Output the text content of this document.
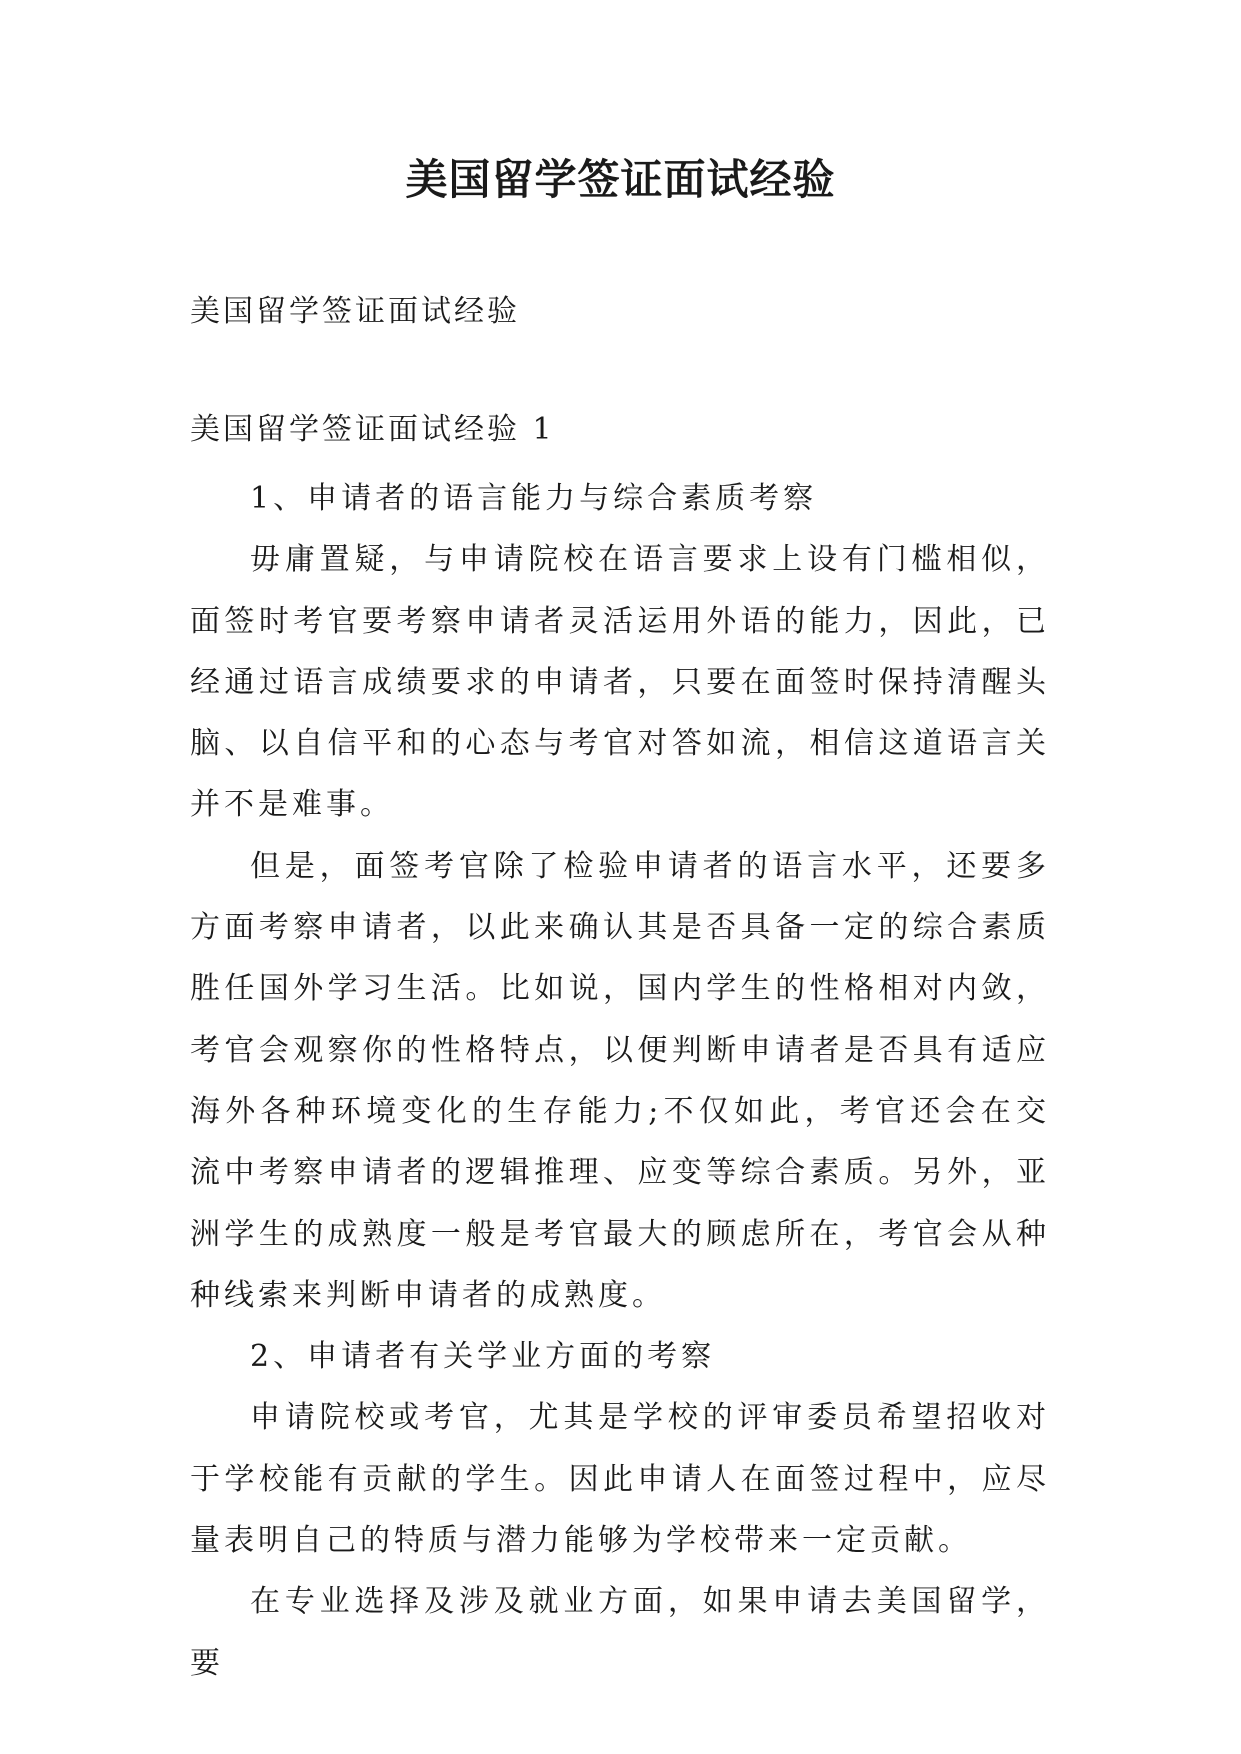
美国留学签证面试经验
美国留学签证面试经验
美国留学签证面试经验 1

1、申请者的语言能力与综合素质考察

毋庸置疑，与申请院校在语言要求上设有门槛相似，面签时考官要考察申请者灵活运用外语的能力，因此，已经通过语言成绩要求的申请者，只要在面签时保持清醒头脑、以自信平和的心态与考官对答如流，相信这道语言关并不是难事。

但是，面签考官除了检验申请者的语言水平，还要多方面考察申请者，以此来确认其是否具备一定的综合素质胜任国外学习生活。比如说，国内学生的性格相对内敛，考官会观察你的性格特点，以便判断申请者是否具有适应海外各种环境变化的生存能力;不仅如此，考官还会在交流中考察申请者的逻辑推理、应变等综合素质。另外，亚洲学生的成熟度一般是考官最大的顾虑所在，考官会从种种线索来判断申请者的成熟度。

2、申请者有关学业方面的考察

申请院校或考官，尤其是学校的评审委员希望招收对于学校能有贡献的学生。因此申请人在面签过程中，应尽量表明自己的特质与潜力能够为学校带来一定贡献。

在专业选择及涉及就业方面，如果申请去美国留学，要
